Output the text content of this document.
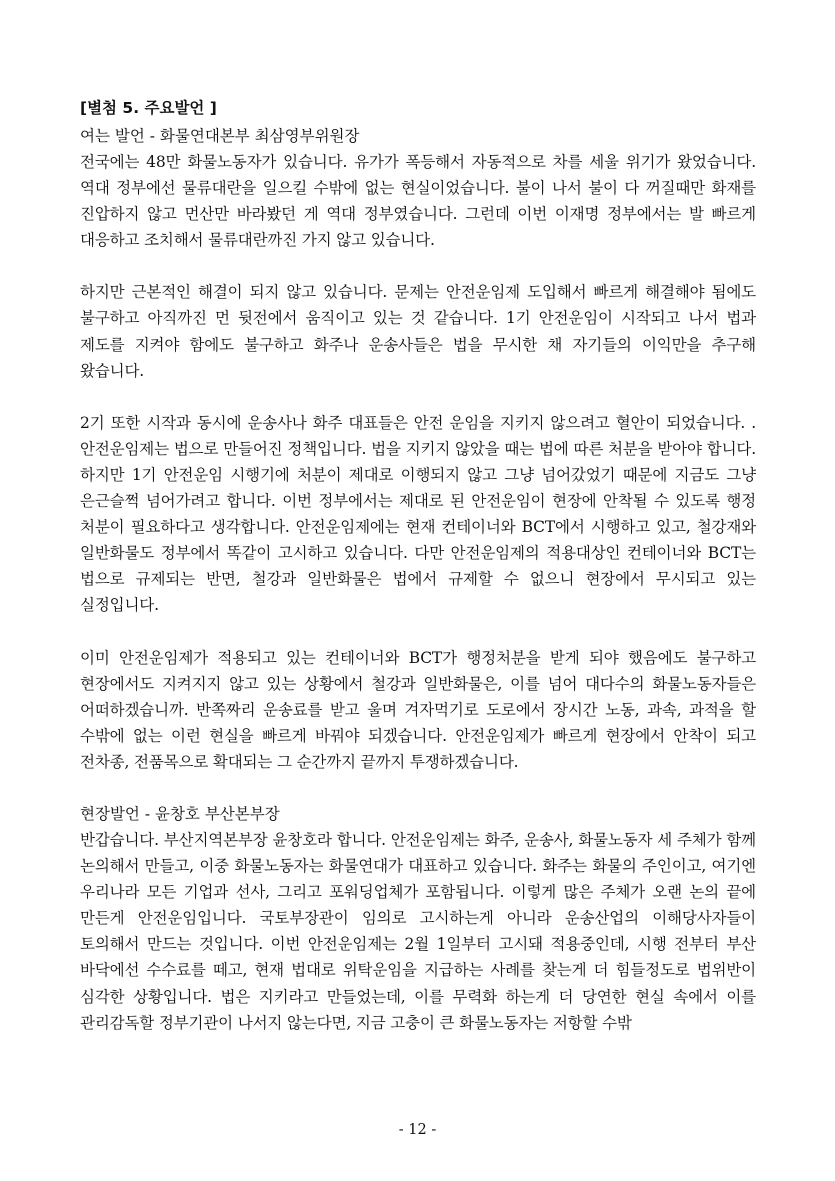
[별첨 5. 주요발언 ]

여는 발언 - 화물연대본부 최삼영부위원장

전국에는 48만 화물노동자가 있습니다. 유가가 폭등해서 자동적으로 차를 세울 위기가 왔었습니다. 역대 정부에선 물류대란을 일으킬 수밖에 없는 현실이었습니다. 불이 나서 불이 다 꺼질때만 화재를 진압하지 않고 먼산만 바라봤던 게 역대 정부였습니다. 그런데 이번 이재명 정부에서는 발 빠르게 대응하고 조치해서 물류대란까진 가지 않고 있습니다.

하지만 근본적인 해결이 되지 않고 있습니다. 문제는 안전운임제 도입해서 빠르게 해결해야 됨에도 불구하고 아직까진 먼 뒷전에서 움직이고 있는 것 같습니다. 1기 안전운임이 시작되고 나서 법과 제도를 지켜야 함에도 불구하고 화주나 운송사들은 법을 무시한 채 자기들의 이익만을 추구해 왔습니다.

2기 또한 시작과 동시에 운송사나 화주 대표들은 안전 운임을 지키지 않으려고 혈안이 되었습니다. .안전운임제는 법으로 만들어진 정책입니다. 법을 지키지 않았을 때는 법에 따른 처분을 받아야 합니다. 하지만 1기 안전운임 시행기에 처분이 제대로 이행되지 않고 그냥 넘어갔었기 때문에 지금도 그냥 은근슬쩍 넘어가려고 합니다. 이번 정부에서는 제대로 된 안전운임이 현장에 안착될 수 있도록 행정 처분이 필요하다고 생각합니다. 안전운임제에는 현재 컨테이너와 BCT에서 시행하고 있고, 철강재와 일반화물도 정부에서 똑같이 고시하고 있습니다. 다만 안전운임제의 적용대상인 컨테이너와 BCT는 법으로 규제되는 반면, 철강과 일반화물은 법에서 규제할 수 없으니 현장에서 무시되고 있는 실정입니다.

이미 안전운임제가 적용되고 있는 컨테이너와 BCT가 행정처분을 받게 되야 했음에도 불구하고 현장에서도 지켜지지 않고 있는 상황에서 철강과 일반화물은, 이를 넘어 대다수의 화물노동자들은 어떠하겠습니까. 반쪽짜리 운송료를 받고 울며 겨자먹기로 도로에서 장시간 노동, 과속, 과적을 할 수밖에 없는 이런 현실을 빠르게 바꿔야 되겠습니다. 안전운임제가 빠르게 현장에서 안착이 되고 전차종, 전품목으로 확대되는 그 순간까지 끝까지 투쟁하겠습니다.

현장발언 - 윤창호 부산본부장

반갑습니다. 부산지역본부장 윤창호라 합니다. 안전운임제는 화주, 운송사, 화물노동자 세 주체가 함께 논의해서 만들고, 이중 화물노동자는 화물연대가 대표하고 있습니다. 화주는 화물의 주인이고, 여기엔 우리나라 모든 기업과 선사, 그리고 포워딩업체가 포함됩니다. 이렇게 많은 주체가 오랜 논의 끝에 만든게 안전운임입니다. 국토부장관이 임의로 고시하는게 아니라 운송산업의 이해당사자들이 토의해서 만드는 것입니다. 이번 안전운임제는 2월 1일부터 고시돼 적용중인데, 시행 전부터 부산 바닥에선 수수료를 떼고, 현재 법대로 위탁운임을 지급하는 사례를 찾는게 더 힘들정도로 법위반이 심각한 상황입니다. 법은 지키라고 만들었는데, 이를 무력화 하는게 더 당연한 현실 속에서 이를 관리감독할 정부기관이 나서지 않는다면, 지금 고충이 큰 화물노동자는 저항할 수밖

- 12 -
